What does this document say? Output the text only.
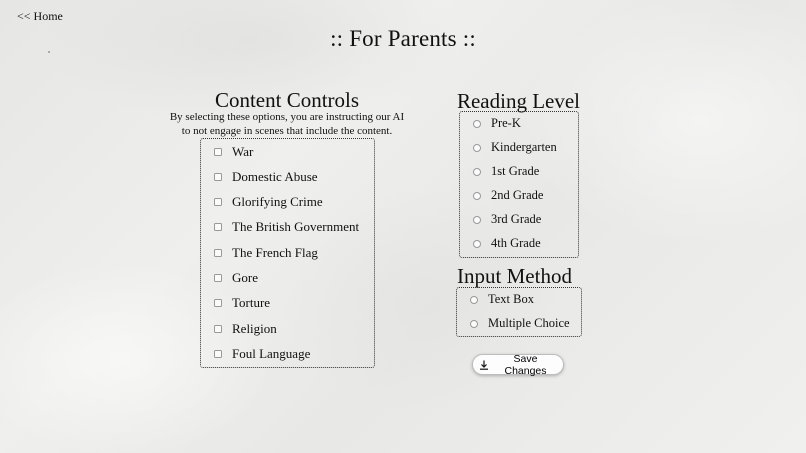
<< Home
:: For Parents ::
Content Controls
By selecting these options, you are instructing our AI to not engage in scenes that include the content.
War
Domestic Abuse
Glorifying Crime
The British Government
The French Flag
Gore
Torture
Religion
Foul Language
Reading Level
Pre-K
Kindergarten
1st Grade
2nd Grade
3rd Grade
4th Grade
Input Method
Text Box
Multiple Choice
Save Changes
